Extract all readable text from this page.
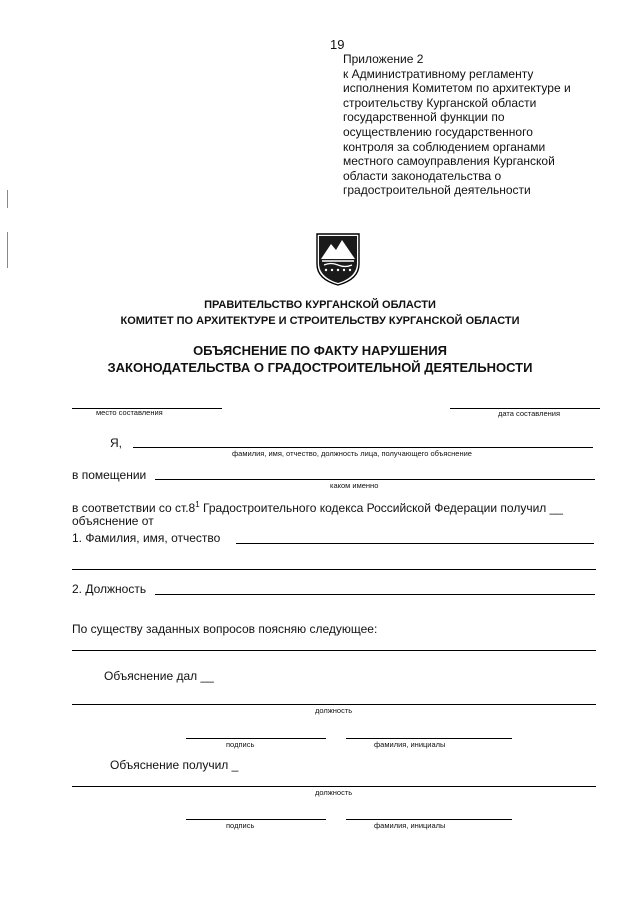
19
Приложение 2
к Административному регламенту
исполнения Комитетом по архитектуре и
строительству Курганской области
государственной функции по
осуществлению государственного
контроля за соблюдением органами
местного самоуправления Курганской
области законодательства о
градостроительной деятельности
ПРАВИТЕЛЬСТВО КУРГАНСКОЙ ОБЛАСТИ
КОМИТЕТ ПО АРХИТЕКТУРЕ И СТРОИТЕЛЬСТВУ КУРГАНСКОЙ ОБЛАСТИ
ОБЪЯСНЕНИЕ ПО ФАКТУ НАРУШЕНИЯ
ЗАКОНОДАТЕЛЬСТВА О ГРАДОСТРОИТЕЛЬНОЙ ДЕЯТЕЛЬНОСТИ
место составления	дата составления
Я,
фамилия, имя, отчество, должность лица, получающего объяснение
в помещении
каком именно
в соответствии со $ст.8^1$ Градостроительного кодекса Российской Федерации получил __
объяснение от
1. Фамилия, имя, отчество
2. Должность
По существу заданных вопросов поясняю следующее:
Объяснение дал __
должность
подпись	фамилия, инициалы
Объяснение получил _
должность
подпись	фамилия, инициалы
